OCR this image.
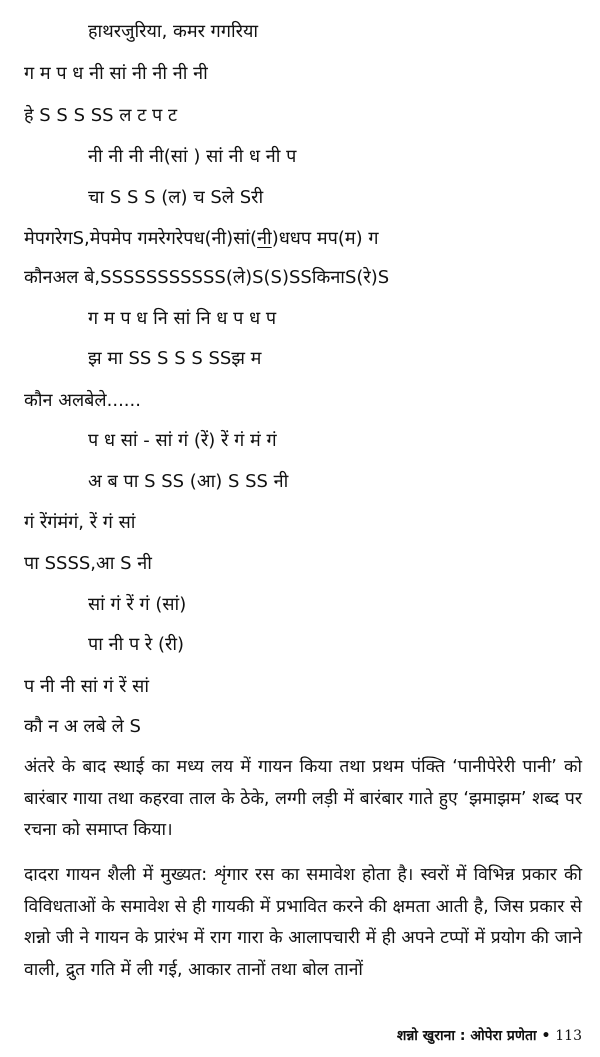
हाथरजुरिया, कमर गगरिया
ग म प ध नी सां नी नी नी नी
हे S S S SS ल ट प ट
नी नी नी नी(सां ) सां नी ध नी प
चा S S S (ल) च Sले Sरी
मेपगरेगS,मेपमेप गमरेगरेपध(नी)सां(नी)धधप मप(म) ग
कौनअल बे,SSSSSSSSSSS(ले)S(S)SSकिनाS(रे)S
ग म प ध नि सां नि ध प ध प
झ मा SS S S S SSझ म
कौन अलबेले......
प ध सां - सां गं (रें) रें गं मं गं
अ ब पा S SS (आ) S SS नी
गं रेंगंमंगं, रें गं सां
पा SSSS,आ S नी
सां गं रें गं (सां)
पा नी प रे (री)
प नी नी सां गं रें सां
कौ न अ लबे ले S

अंतरे के बाद स्थाई का मध्य लय में गायन किया तथा प्रथम पंक्ति ‘पानीपेरेरी पानी’ को बारंबार गाया तथा कहरवा ताल के ठेके, लग्गी लड़ी में बारंबार गाते हुए ‘झमाझम’ शब्द पर रचना को समाप्त किया।

दादरा गायन शैली में मुख्यत: शृंगार रस का समावेश होता है। स्वरों में विभिन्न प्रकार की विविधताओं के समावेश से ही गायकी में प्रभावित करने की क्षमता आती है, जिस प्रकार से शन्नो जी ने गायन के प्रारंभ में राग गारा के आलापचारी में ही अपने टप्पों में प्रयोग की जाने वाली, द्रुत गति में ली गई, आकार तानों तथा बोल तानों

शन्नो खुराना : ओपेरा प्रणेता • 113
